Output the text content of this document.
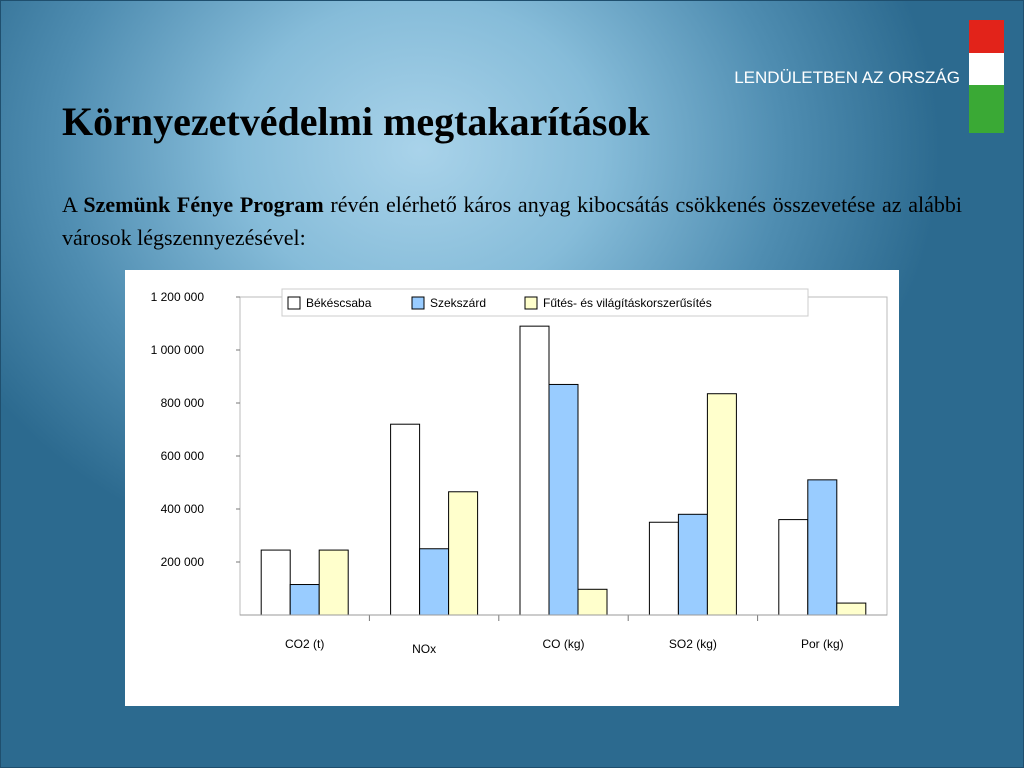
LENDÜLETBEN AZ ORSZÁG
Környezetvédelmi megtakarítások

A Szemünk Fénye Program révén elérhető káros anyag kibocsátás csökkenés összevetése az alábbi városok légszennyezésével:

200 000
400 000
600 000
800 000
1 000 000
1 200 000
CO2 (t)	NOx	CO (kg)	SO2 (kg)	Por (kg)
Békéscsaba	Szekszárd	Fűtés- és világításkorszerűsítés
